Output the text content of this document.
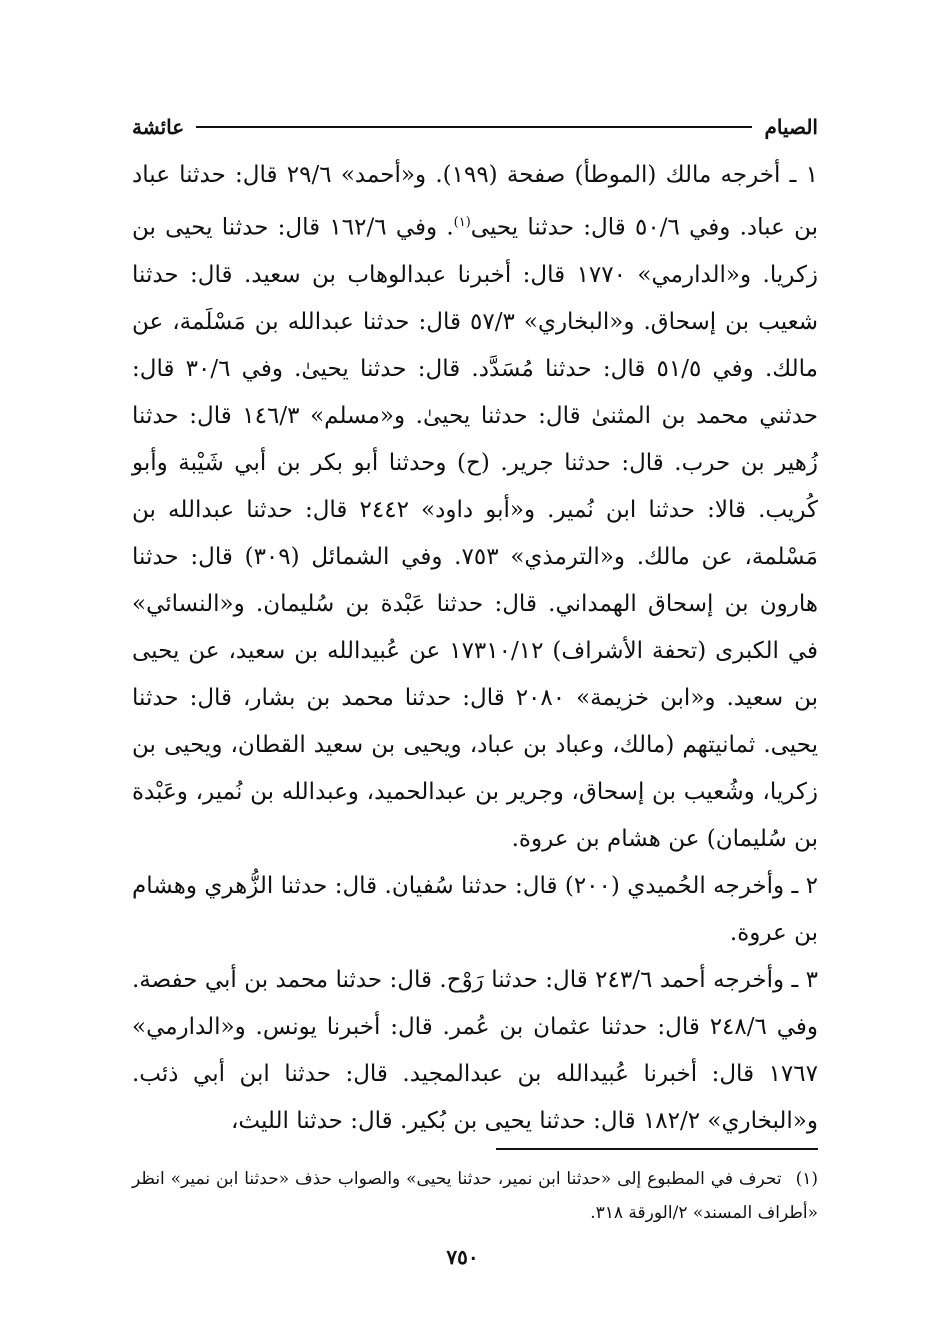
الصيام
عائشة

١ ـ أخرجه مالك (الموطأ) صفحة (١٩٩). و«أحمد» ٢٩/٦ قال: حدثنا عباد بن عباد. وفي ٥٠/٦ قال: حدثنا يحيى$^{(١)}$. وفي ١٦٢/٦ قال: حدثنا يحيى بن زكريا. و«الدارمي» ١٧٧٠ قال: أخبرنا عبدالوهاب بن سعيد. قال: حدثنا شعيب بن إسحاق. و«البخاري» ٥٧/٣ قال: حدثنا عبدالله بن مَسْلَمة، عن مالك. وفي ٥١/٥ قال: حدثنا مُسَدَّد. قال: حدثنا يحيىٰ. وفي ٣٠/٦ قال: حدثني محمد بن المثنىٰ قال: حدثنا يحيىٰ. و«مسلم» ١٤٦/٣ قال: حدثنا زُهير بن حرب. قال: حدثنا جرير. (ح) وحدثنا أبو بكر بن أبي شَيْبة وأبو كُريب. قالا: حدثنا ابن نُمير. و«أبو داود» ٢٤٤٢ قال: حدثنا عبدالله بن مَسْلمة، عن مالك. و«الترمذي» ٧٥٣. وفي الشمائل (٣٠٩) قال: حدثنا هارون بن إسحاق الهمداني. قال: حدثنا عَبْدة بن سُليمان. و«النسائي» في الكبرى (تحفة الأشراف) ١٧٣١٠/١٢ عن عُبيدالله بن سعيد، عن يحيى بن سعيد. و«ابن خزيمة» ٢٠٨٠ قال: حدثنا محمد بن بشار، قال: حدثنا يحيى. ثمانيتهم (مالك، وعباد بن عباد، ويحيى بن سعيد القطان، ويحيى بن زكريا، وشُعيب بن إسحاق، وجرير بن عبدالحميد، وعبدالله بن نُمير، وعَبْدة بن سُليمان) عن هشام بن عروة.

٢ ـ وأخرجه الحُميدي (٢٠٠) قال: حدثنا سُفيان. قال: حدثنا الزُّهري وهشام بن عروة.

٣ ـ وأخرجه أحمد ٢٤٣/٦ قال: حدثنا رَوْح. قال: حدثنا محمد بن أبي حفصة. وفي ٢٤٨/٦ قال: حدثنا عثمان بن عُمر. قال: أخبرنا يونس. و«الدارمي» ١٧٦٧ قال: أخبرنا عُبيدالله بن عبدالمجيد. قال: حدثنا ابن أبي ذئب. و«البخاري» ١٨٢/٢ قال: حدثنا يحيى بن بُكير. قال: حدثنا الليث،

(١)تحرف في المطبوع إلى «حدثنا ابن نمير، حدثنا يحيى» والصواب حذف «حدثنا ابن نمير» انظر «أطراف المسند» ٢/الورقة ٣١٨.
٧٥٠
